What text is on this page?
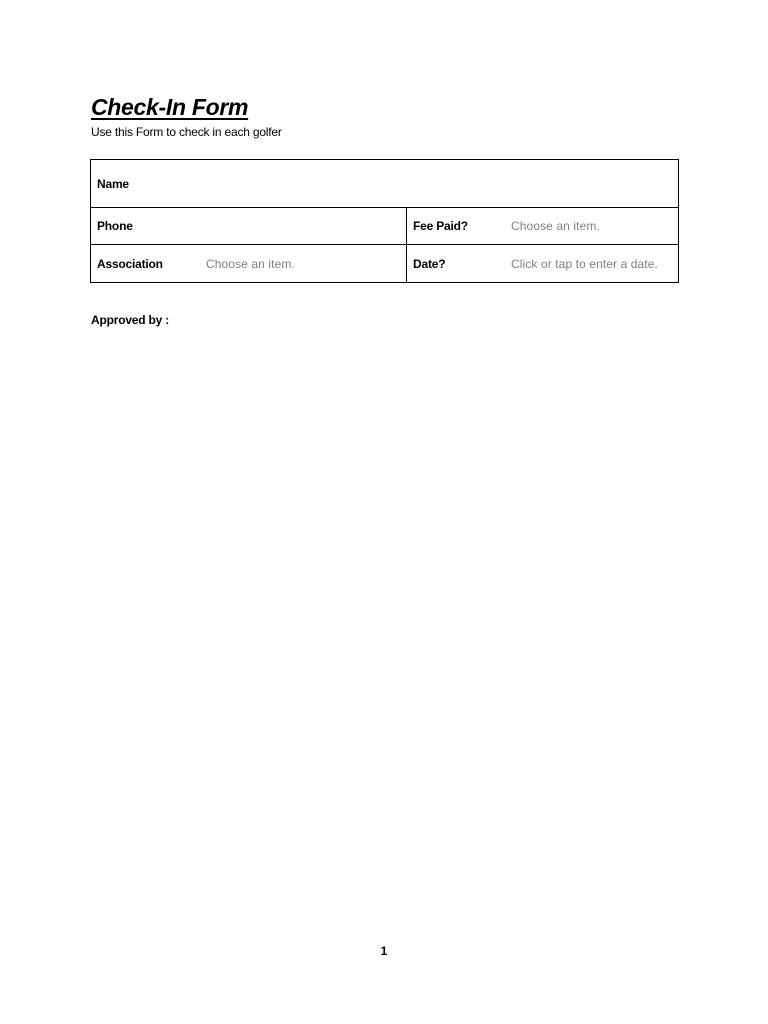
Check-In Form
Use this Form to check in each golfer
Name	
Phone	Fee Paid? Choose an item.

Association Choose an item.	Date? Click or tap to enter a date.
Approved by :
1
